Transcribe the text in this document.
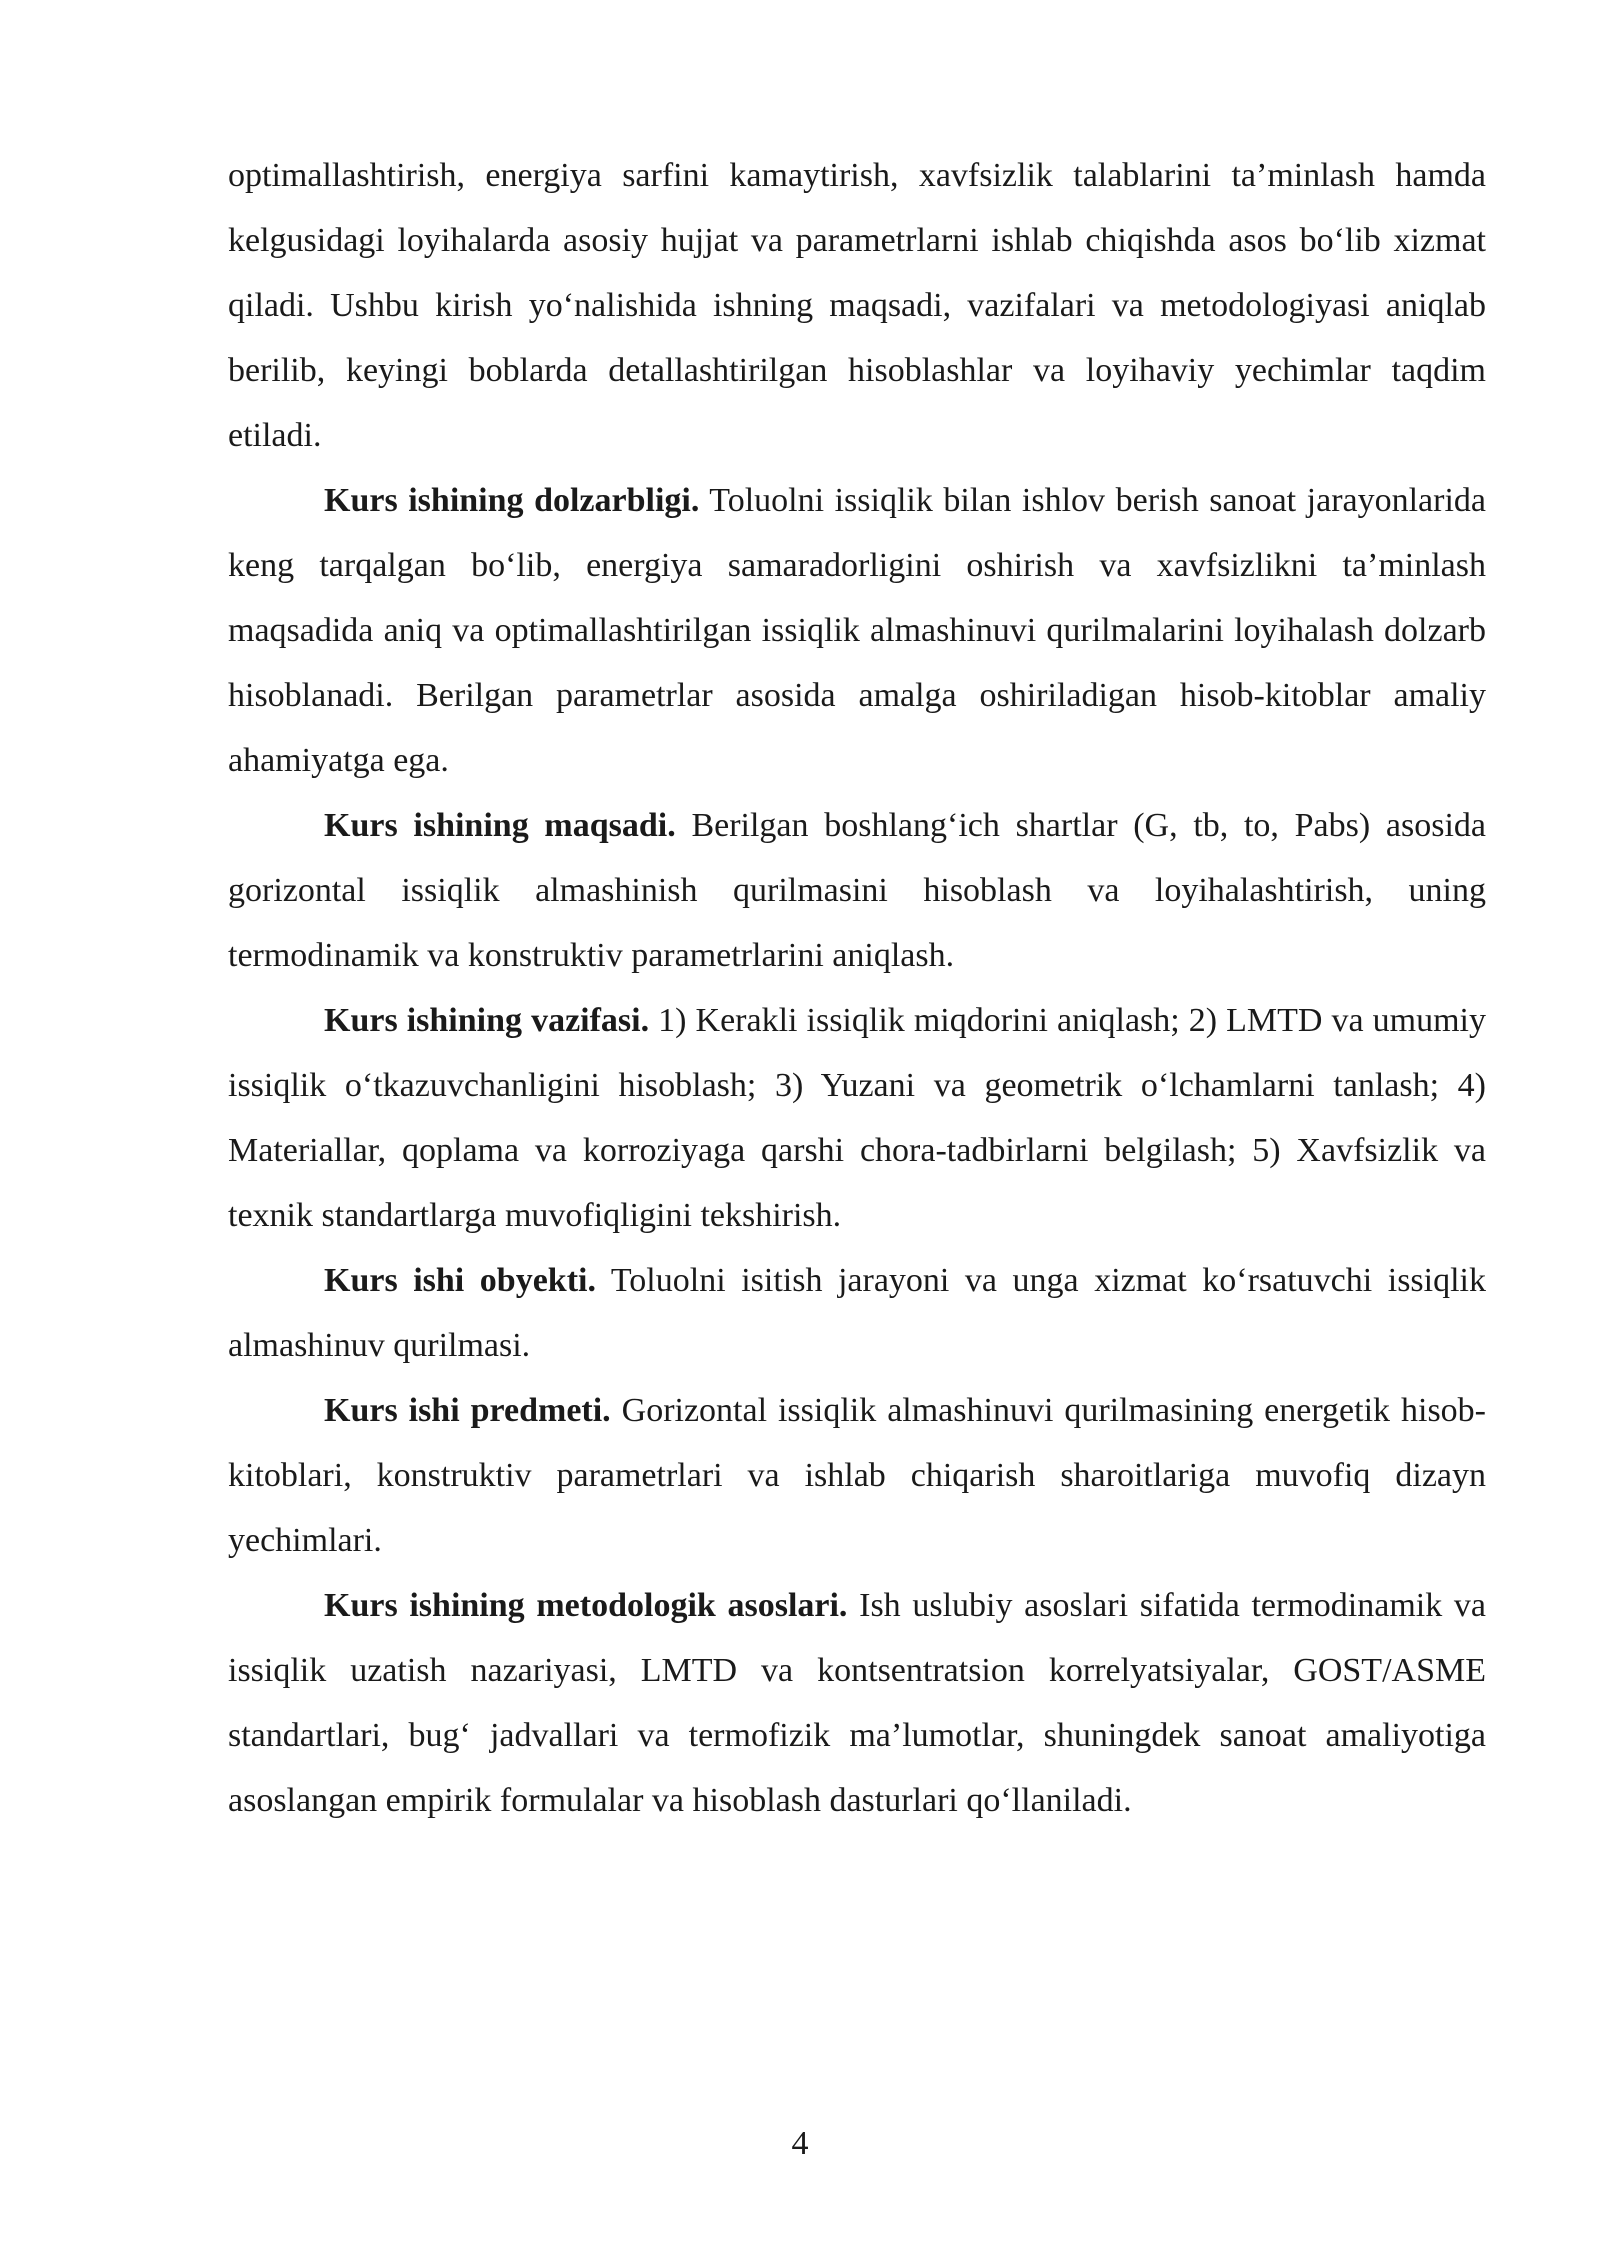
optimallashtirish, energiya sarfini kamaytirish, xavfsizlik talablarini ta’minlash hamda kelgusidagi loyihalarda asosiy hujjat va parametrlarni ishlab chiqishda asos bo‘lib xizmat qiladi. Ushbu kirish yo‘nalishida ishning maqsadi, vazifalari va metodologiyasi aniqlab berilib, keyingi boblarda detallashtirilgan hisoblashlar va loyihaviy yechimlar taqdim etiladi.

Kurs ishining dolzarbligi. Toluolni issiqlik bilan ishlov berish sanoat jarayonlarida keng tarqalgan bo‘lib, energiya samaradorligini oshirish va xavfsizlikni ta’minlash maqsadida aniq va optimallashtirilgan issiqlik almashinuvi qurilmalarini loyihalash dolzarb hisoblanadi. Berilgan parametrlar asosida amalga oshiriladigan hisob-kitoblar amaliy ahamiyatga ega.

Kurs ishining maqsadi. Berilgan boshlang‘ich shartlar (G, tb, to, Pabs) asosida gorizontal issiqlik almashinish qurilmasini hisoblash va loyihalashtirish, uning termodinamik va konstruktiv parametrlarini aniqlash.

Kurs ishining vazifasi. 1) Kerakli issiqlik miqdorini aniqlash; 2) LMTD va umumiy issiqlik o‘tkazuvchanligini hisoblash; 3) Yuzani va geometrik o‘lchamlarni tanlash; 4) Materiallar, qoplama va korroziyaga qarshi chora-tadbirlarni belgilash; 5) Xavfsizlik va texnik standartlarga muvofiqligini tekshirish.

Kurs ishi obyekti. Toluolni isitish jarayoni va unga xizmat ko‘rsatuvchi issiqlik almashinuv qurilmasi.

Kurs ishi predmeti. Gorizontal issiqlik almashinuvi qurilmasining energetik hisob-kitoblari, konstruktiv parametrlari va ishlab chiqarish sharoitlariga muvofiq dizayn yechimlari.

Kurs ishining metodologik asoslari. Ish uslubiy asoslari sifatida termodinamik va issiqlik uzatish nazariyasi, LMTD va kontsentratsion korrelyatsiyalar, GOST/ASME standartlari, bug‘ jadvallari va termofizik ma’lumotlar, shuningdek sanoat amaliyotiga asoslangan empirik formulalar va hisoblash dasturlari qo‘llaniladi.

4
